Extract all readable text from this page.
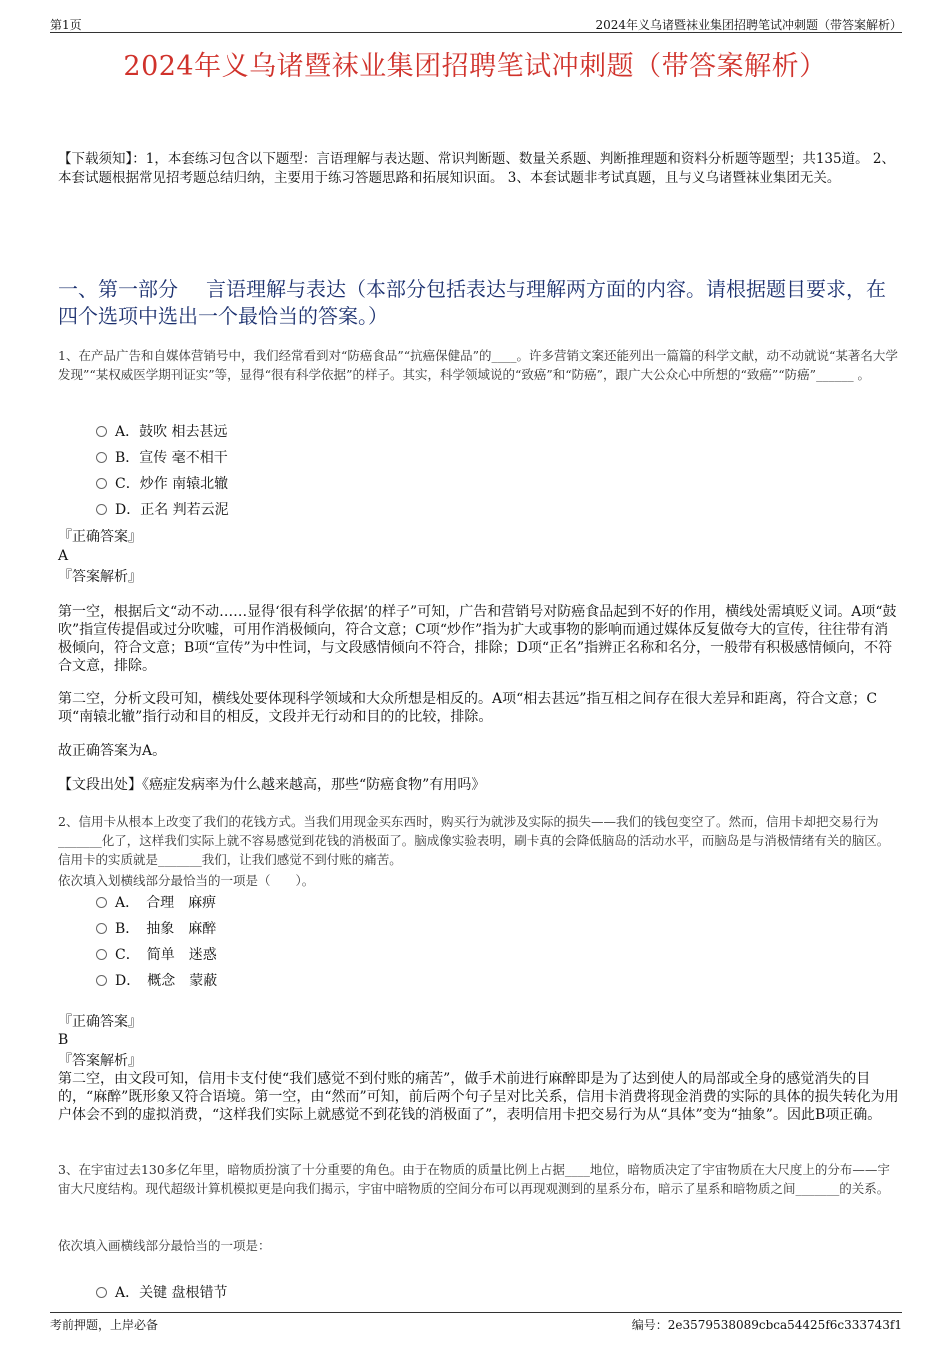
第1页	2024年义乌诸暨袜业集团招聘笔试冲刺题（带答案解析）
2024年义乌诸暨袜业集团招聘笔试冲刺题（带答案解析）
【下载须知】：1，本套练习包含以下题型：言语理解与表达题、常识判断题、数量关系题、判断推理题和资料分析题等题型；共135道。 2、本套试题根据常见招考题总结归纳，主要用于练习答题思路和拓展知识面。 3、本套试题非考试真题，且与义乌诸暨袜业集团无关。
一、第一部分 言语理解与表达（本部分包括表达与理解两方面的内容。请根据题目要求，在四个选项中选出一个最恰当的答案。）
1、在产品广告和自媒体营销号中，我们经常看到对“防癌食品”“抗癌保健品”的____。许多营销文案还能列出一篇篇的科学文献，动不动就说“某著名大学发现”“某权威医学期刊证实”等，显得“很有科学依据”的样子。其实，科学领域说的“致癌”和“防癌”，跟广大公众心中所想的“致癌”“防癌”______ 。
A．鼓吹 相去甚远
B．宣传 毫不相干
C．炒作 南辕北辙
D．正名 判若云泥
『正确答案』
A
『答案解析』
第一空，根据后文“动不动……显得‘很有科学依据’的样子”可知，广告和营销号对防癌食品起到不好的作用，横线处需填贬义词。A项“鼓吹”指宣传提倡或过分吹嘘，可用作消极倾向，符合文意；C项“炒作”指为扩大或事物的影响而通过媒体反复做夸大的宣传，往往带有消极倾向，符合文意；B项“宣传”为中性词，与文段感情倾向不符合，排除；D项“正名”指辨正名称和名分，一般带有积极感情倾向，不符合文意，排除。
第二空，分析文段可知，横线处要体现科学领域和大众所想是相反的。A项“相去甚远”指互相之间存在很大差异和距离，符合文意；C项“南辕北辙”指行动和目的相反，文段并无行动和目的的比较，排除。
故正确答案为A。
【文段出处】《癌症发病率为什么越来越高，那些“防癌食物”有用吗》
2、信用卡从根本上改变了我们的花钱方式。当我们用现金买东西时，购买行为就涉及实际的损失——我们的钱包变空了。然而，信用卡却把交易行为_______化了，这样我们实际上就不容易感觉到花钱的消极面了。脑成像实验表明，刷卡真的会降低脑岛的活动水平，而脑岛是与消极情绪有关的脑区。信用卡的实质就是_______我们，让我们感觉不到付账的痛苦。
依次填入划横线部分最恰当的一项是（　　）。
A．　合理　麻痹
B．　抽象　麻醉
C．　简单　迷惑
D．　概念　蒙蔽
『正确答案』
B
『答案解析』
第二空，由文段可知，信用卡支付使“我们感觉不到付账的痛苦”，做手术前进行麻醉即是为了达到使人的局部或全身的感觉消失的目的，“麻醉”既形象又符合语境。第一空，由“然而”可知，前后两个句子呈对比关系，信用卡消费将现金消费的实际的具体的损失转化为用户体会不到的虚拟消费，“这样我们实际上就感觉不到花钱的消极面了”，表明信用卡把交易行为从“具体”变为“抽象”。因此B项正确。
3、在宇宙过去130多亿年里，暗物质扮演了十分重要的角色。由于在物质的质量比例上占据____地位，暗物质决定了宇宙物质在大尺度上的分布——宇宙大尺度结构。现代超级计算机模拟更是向我们揭示，宇宙中暗物质的空间分布可以再现观测到的星系分布，暗示了星系和暗物质之间_______的关系。
依次填入画横线部分最恰当的一项是：
A．关键 盘根错节
考前押题，上岸必备	编号：2e3579538089cbca54425f6c333743f1
